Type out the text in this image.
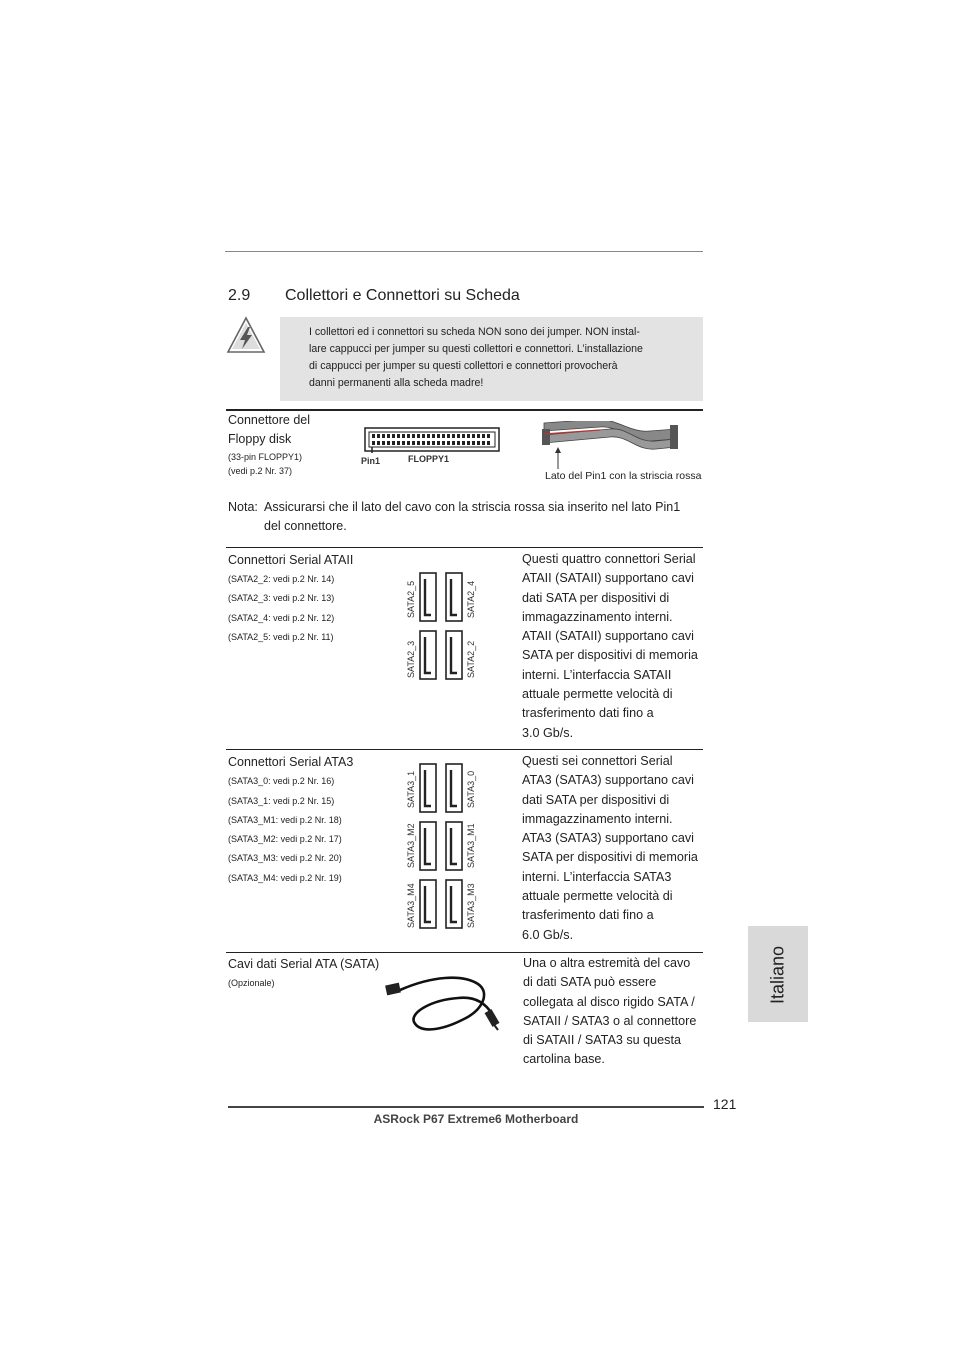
2.9 Collettori e Connettori su Scheda

I collettori ed i connettori su scheda NON sono dei jumper. NON instal-

lare cappucci per jumper su questi collettori e connettori. L’installazione

di cappucci per jumper su questi collettori e connettori provocherà

danni permanenti alla scheda madre!

Connettore del
Floppy disk
(33-pin FLOPPY1)
(vedi p.2 Nr. 37)
Pin1	FLOPPY1
Lato del Pin1 con la striscia rossa
Nota: Assicurarsi che il lato del cavo con la striscia rossa sia inserito nel lato Pin1
del connettore.
Connettori Serial ATAII
(SATA2_2: vedi p.2 Nr. 14)
(SATA2_3: vedi p.2 Nr. 13)
(SATA2_4: vedi p.2 Nr. 12)
(SATA2_5: vedi p.2 Nr. 11)
SATA2_5	SATA2_4
SATA2_3	SATA2_2
Questi quattro connettori Serial
ATAII (SATAII) supportano cavi
dati SATA per dispositivi di
immagazzinamento interni.
ATAII (SATAII) supportano cavi
SATA per dispositivi di memoria
interni. L’interfaccia SATAII
attuale permette velocità di
trasferimento dati fino a
3.0 Gb/s.
Connettori Serial ATA3
(SATA3_0: vedi p.2 Nr. 16)
(SATA3_1: vedi p.2 Nr. 15)
(SATA3_M1: vedi p.2 Nr. 18)
(SATA3_M2: vedi p.2 Nr. 17)
(SATA3_M3: vedi p.2 Nr. 20)
(SATA3_M4: vedi p.2 Nr. 19)
SATA3_1	SATA3_0
SATA3_M2	SATA3_M1
SATA3_M4	SATA3_M3
Questi sei connettori Serial
ATA3 (SATA3) supportano cavi
dati SATA per dispositivi di
immagazzinamento interni.
ATA3 (SATA3) supportano cavi
SATA per dispositivi di memoria
interni. L’interfaccia SATA3
attuale permette velocità di
trasferimento dati fino a
6.0 Gb/s.
Cavi dati Serial ATA (SATA)
(Opzionale)
Una o altra estremità del cavo
di dati SATA può essere
collegata al disco rigido SATA /
SATAII / SATA3 o al connettore
di SATAII / SATA3 su questa
cartolina base.
Italiano
121
ASRock P67 Extreme6 Motherboard
